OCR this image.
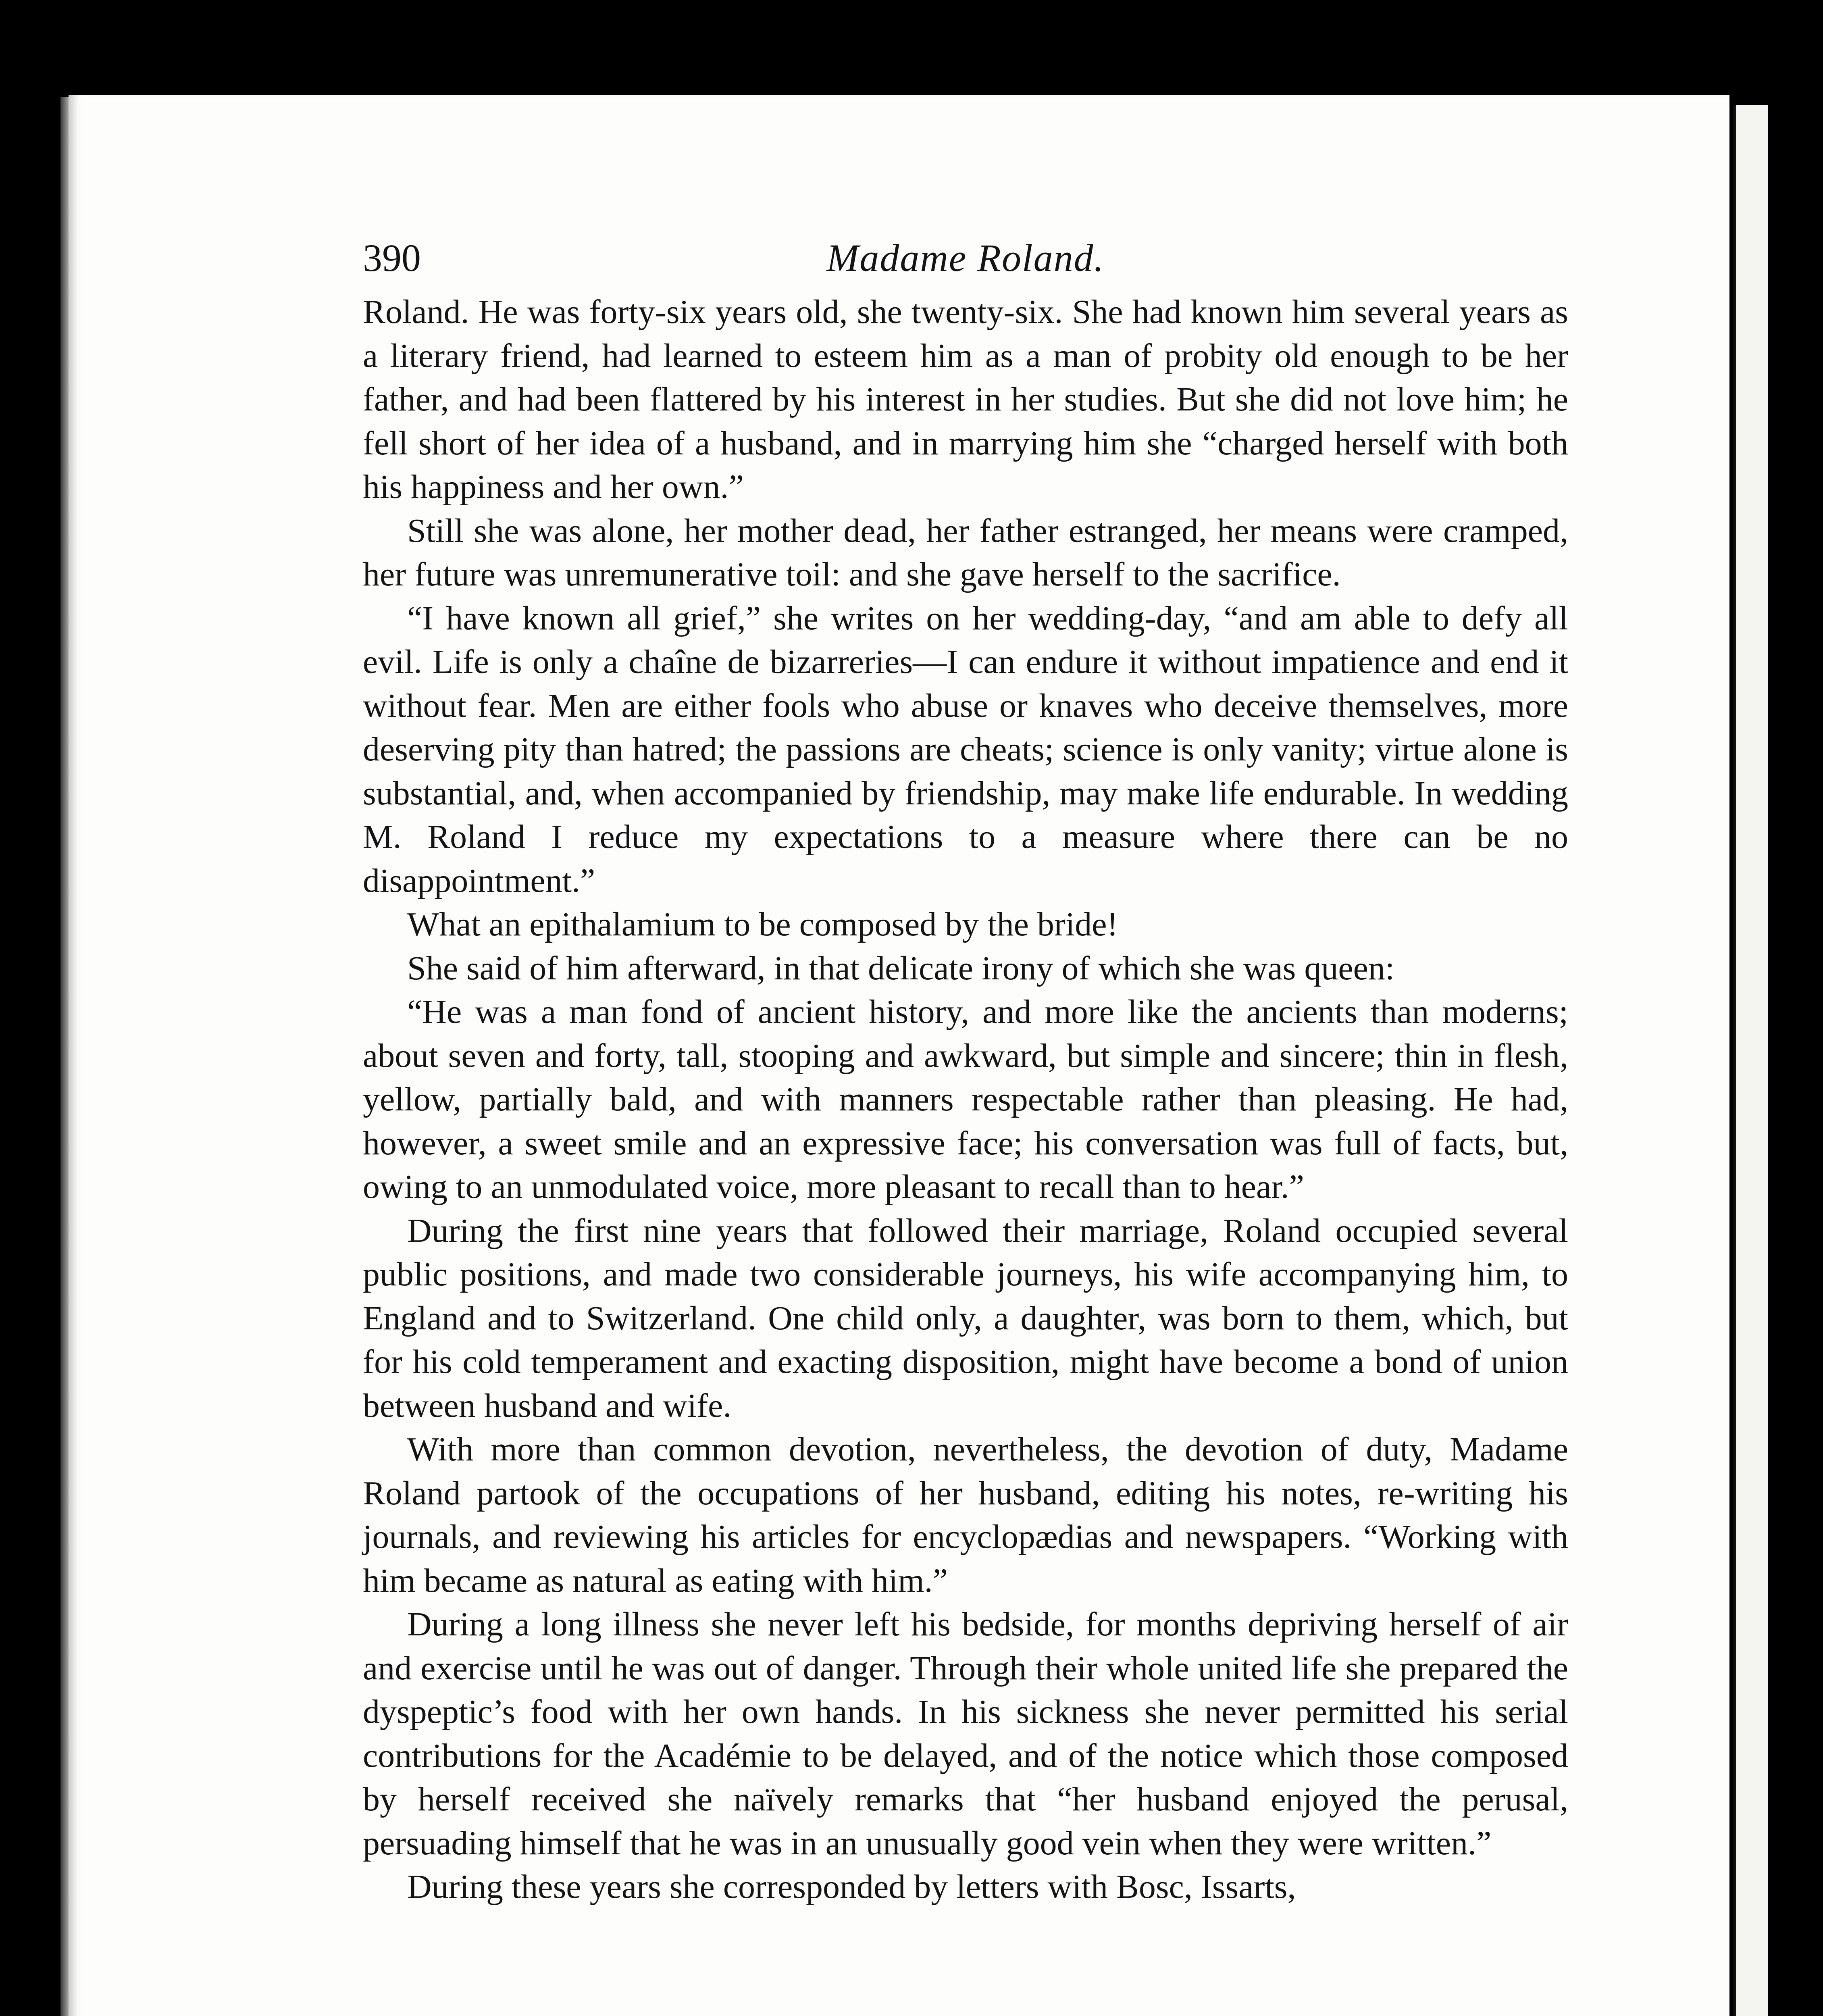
390	Madame Roland.

Roland. He was forty-six years old, she twenty-six. She had known him several years as a literary friend, had learned to esteem him as a man of probity old enough to be her father, and had been flattered by his interest in her studies. But she did not love him; he fell short of her idea of a husband, and in marrying him she “charged herself with both his happiness and her own.”

Still she was alone, her mother dead, her father estranged, her means were cramped, her future was unremunerative toil: and she gave herself to the sacrifice.

“I have known all grief,” she writes on her wedding-day, “and am able to defy all evil. Life is only a chaîne de bizarreries—I can endure it without impatience and end it without fear. Men are either fools who abuse or knaves who deceive themselves, more deserving pity than hatred; the passions are cheats; science is only vanity; virtue alone is substantial, and, when accompanied by friendship, may make life endurable. In wedding M. Roland I reduce my expectations to a measure where there can be no disappointment.”

What an epithalamium to be composed by the bride!

She said of him afterward, in that delicate irony of which she was queen:

“He was a man fond of ancient history, and more like the ancients than moderns; about seven and forty, tall, stooping and awkward, but simple and sincere; thin in flesh, yellow, partially bald, and with manners respectable rather than pleasing. He had, however, a sweet smile and an expressive face; his conversation was full of facts, but, owing to an unmodulated voice, more pleasant to recall than to hear.”

During the first nine years that followed their marriage, Roland occupied several public positions, and made two considerable journeys, his wife accompanying him, to England and to Switzerland. One child only, a daughter, was born to them, which, but for his cold temperament and exacting disposition, might have become a bond of union between husband and wife.

With more than common devotion, nevertheless, the devotion of duty, Madame Roland partook of the occupations of her husband, editing his notes, re-writing his journals, and reviewing his articles for encyclopædias and newspapers. “Working with him became as natural as eating with him.”

During a long illness she never left his bedside, for months depriving herself of air and exercise until he was out of danger. Through their whole united life she prepared the dyspeptic’s food with her own hands. In his sickness she never permitted his serial contributions for the Académie to be delayed, and of the notice which those composed by herself received she naïvely remarks that “her husband enjoyed the perusal, persuading himself that he was in an unusually good vein when they were written.”

During these years she corresponded by letters with Bosc, Issarts,
